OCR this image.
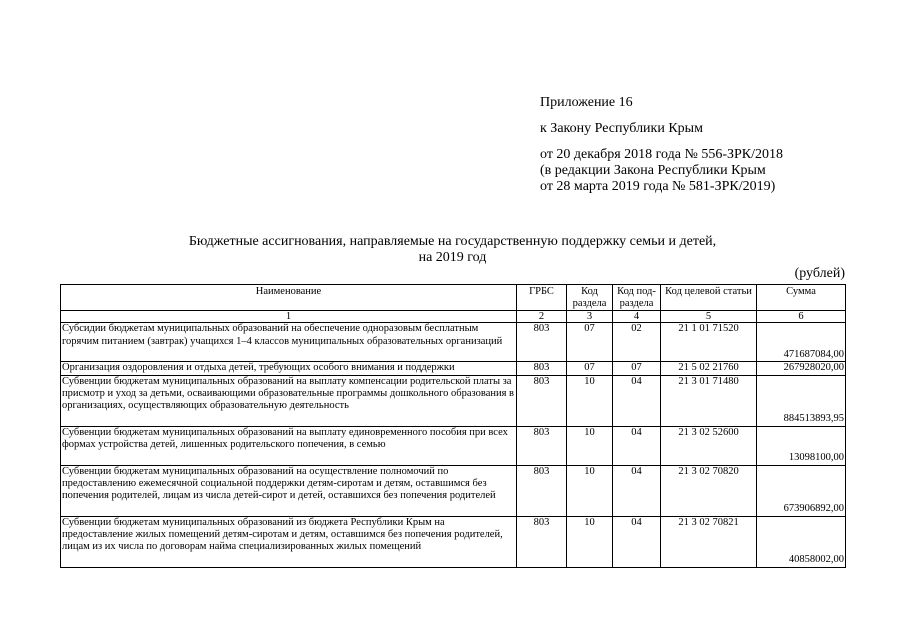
Приложение 16
к Закону Республики Крым
от 20 декабря 2018 года № 556-ЗРК/2018
(в редакции Закона Республики Крым
от 28 марта 2019 года № 581-ЗРК/2019)
Бюджетные ассигнования, направляемые на государственную поддержку семьи и детей,
на 2019 год
(рублей)
Наименование	ГРБС	Код раздела	Код под-раздела	Код целевой статьи	Сумма
1	2	3	4	5	6
Субсидии бюджетам муниципальных образований на обеспечение одноразовым бесплатным горячим питанием (завтрак) учащихся 1–4 классов муниципальных образовательных организаций	803	07	02	21 1 01 71520	471687084,00
Организация оздоровления и отдыха детей, требующих особого внимания и поддержки	803	07	07	21 5 02 21760	267928020,00
Субвенции бюджетам муниципальных образований на выплату компенсации родительской платы за присмотр и уход за детьми, осваивающими образовательные программы дошкольного образования в организациях, осуществляющих образовательную деятельность	803	10	04	21 3 01 71480	884513893,95
Субвенции бюджетам муниципальных образований на выплату единовременного пособия при всех формах устройства детей, лишенных родительского попечения, в семью	803	10	04	21 3 02 52600	13098100,00
Субвенции бюджетам муниципальных образований на осуществление полномочий по предоставлению ежемесячной социальной поддержки детям-сиротам и детям, оставшимся без попечения родителей, лицам из числа детей-сирот и детей, оставшихся без попечения родителей	803	10	04	21 3 02 70820	673906892,00
Субвенции бюджетам муниципальных образований из бюджета Республики Крым на предоставление жилых помещений детям-сиротам и детям, оставшимся без попечения родителей, лицам из их числа по договорам найма специализированных жилых помещений	803	10	04	21 3 02 70821	40858002,00
